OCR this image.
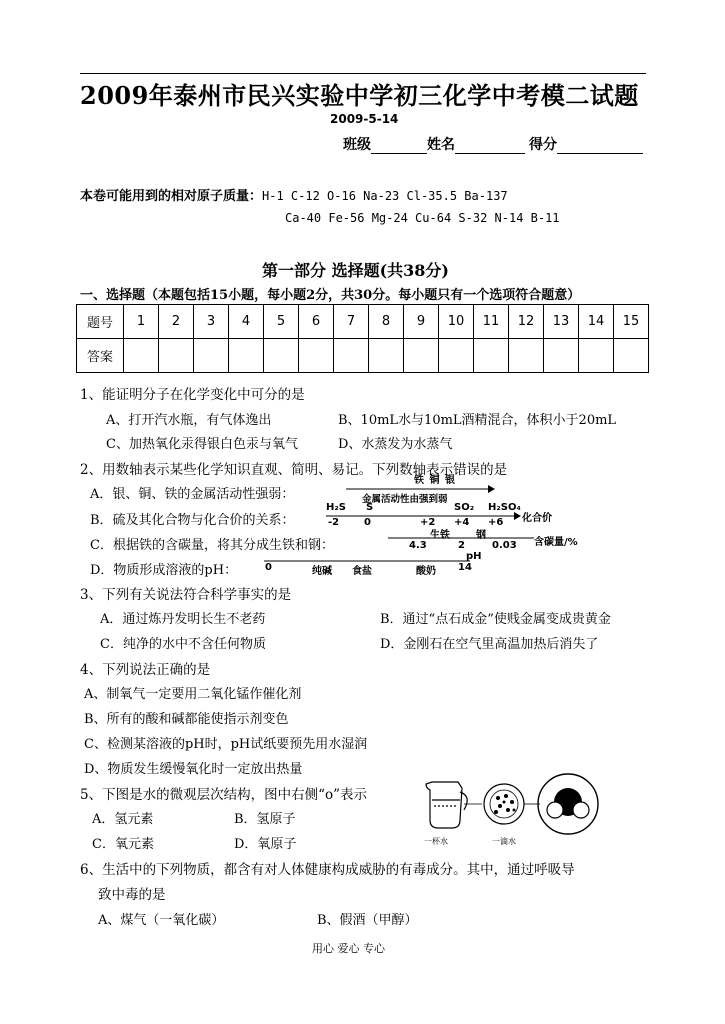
2009年泰州市民兴实验中学初三化学中考模二试题
2009-5-14
班级	姓名	得分
本卷可能用到的相对原子质量：H-1 C-12 O-16 Na-23 Cl-35.5 Ba-137
Ca-40 Fe-56 Mg-24 Cu-64 S-32 N-14 B-11
第一部分 选择题(共38分)
一、选择题（本题包括15小题，每小题2分，共30分。每小题只有一个选项符合题意）
题号	1	2	3	4	5	6	7	8	9	10	11	12	13	14	15
答案															
1、能证明分子在化学变化中可分的是
A、打开汽水瓶，有气体逸出	B、10mL水与10mL酒精混合，体积小于20mL
C、加热氧化汞得银白色汞与氧气	D、水蒸发为水蒸气
2、用数轴表示某些化学知识直观、简明、易记。下列数轴表示错误的是
A．银、铜、铁的金属活动性强弱：
B．硫及其化合物与化合价的关系：
C．根据铁的含碳量，将其分成生铁和钢：
D．物质形成溶液的pH：
铁 铜 银
金属活动性由强到弱
H₂S S	SO₂ H₂SO₄
化合价
-2 0	+2 +4 +6
生铁	钢
含碳量/%
4.3	2	0.03
pH
0	纯碱 食盐	酸奶 14
3、下列有关说法符合科学事实的是
A．通过炼丹发明长生不老药	B．通过“点石成金”使贱金属变成贵黄金
C．纯净的水中不含任何物质	D．金刚石在空气里高温加热后消失了
4、下列说法正确的是
A、制氧气一定要用二氧化锰作催化剂
B、所有的酸和碱都能使指示剂变色
C、检测某溶液的pH时，pH试纸要预先用水湿润
D、物质发生缓慢氧化时一定放出热量
5、下图是水的微观层次结构，图中右侧“o”表示
A．氢元素	B．氢原子
C．氧元素	D．氧原子	一杯水	一滴水
6、生活中的下列物质，都含有对人体健康构成威胁的有毒成分。其中，通过呼吸导
致中毒的是
A、煤气（一氧化碳）	B、假酒（甲醇）
用心 爱心 专心
